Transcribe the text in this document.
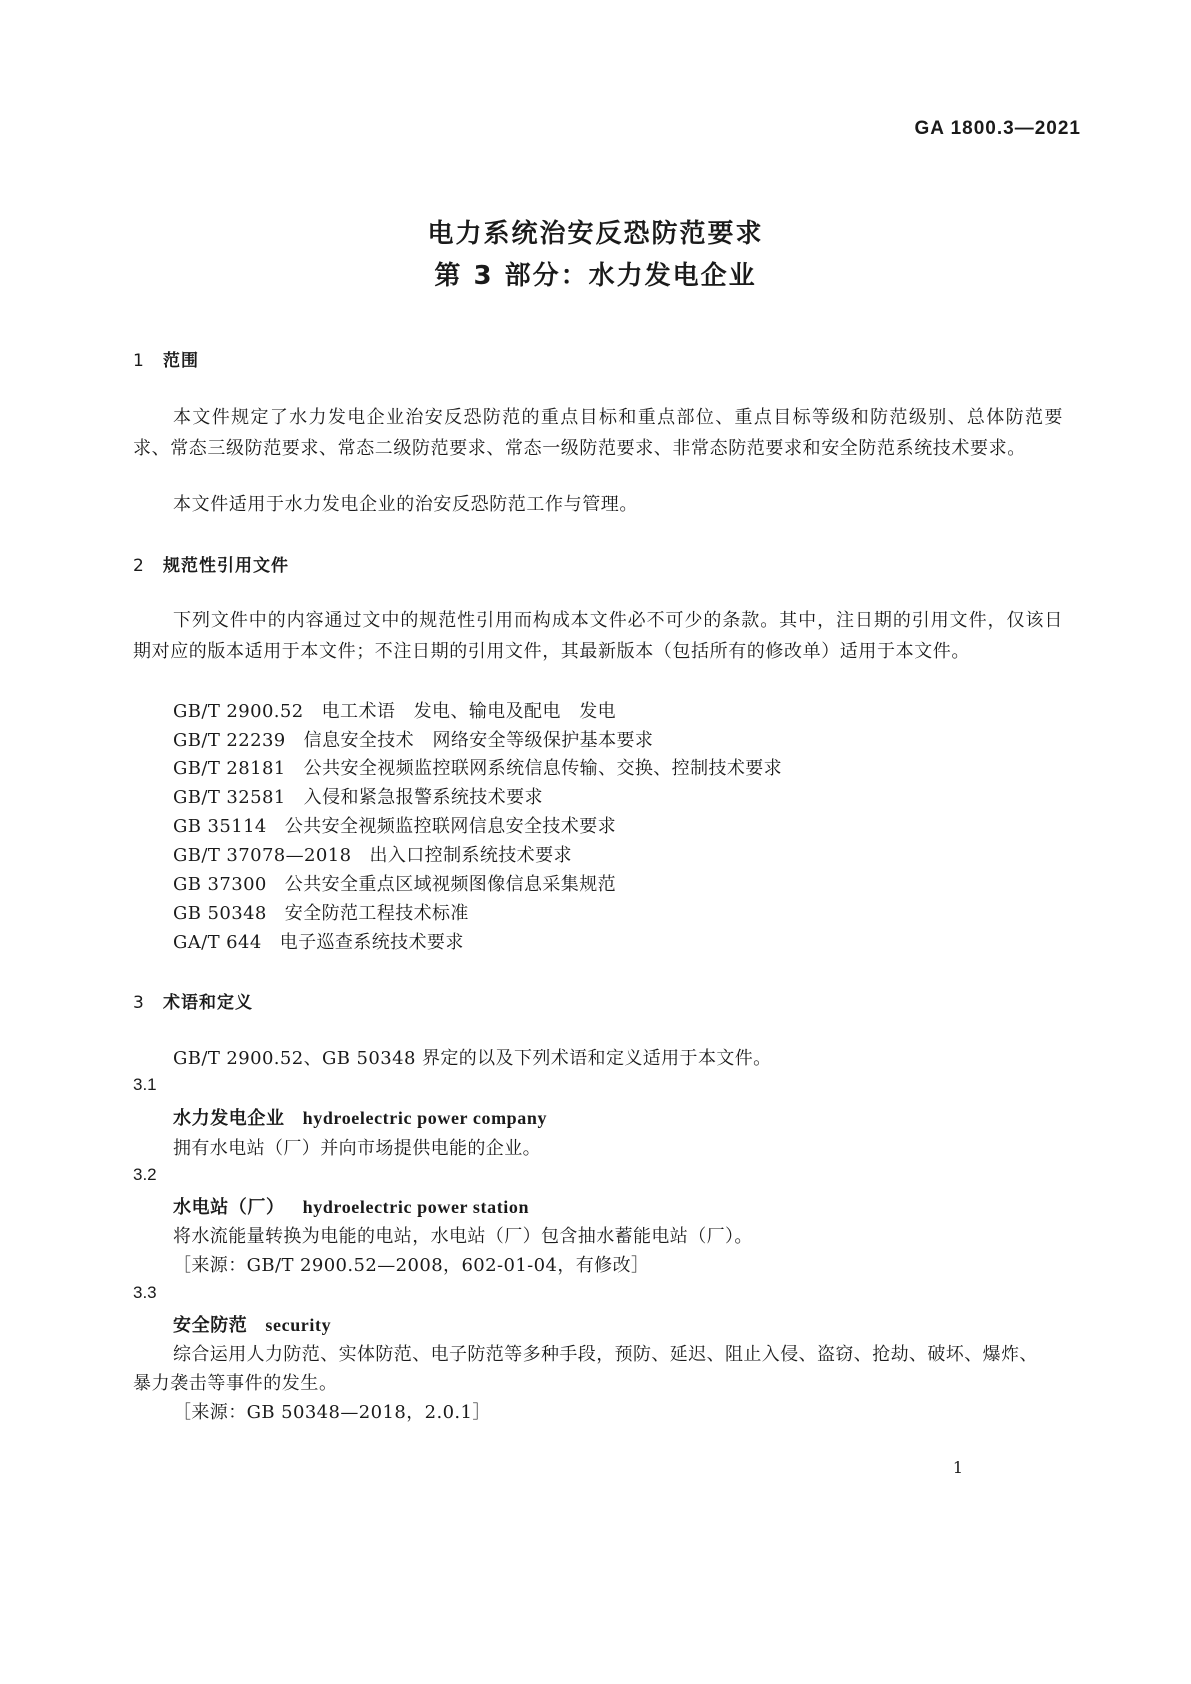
GA 1800.3—2021
电力系统治安反恐防范要求
第 3 部分：水力发电企业
1 范围
本文件规定了水力发电企业治安反恐防范的重点目标和重点部位、重点目标等级和防范级别、总体防范要求、常态三级防范要求、常态二级防范要求、常态一级防范要求、非常态防范要求和安全防范系统技术要求。
本文件适用于水力发电企业的治安反恐防范工作与管理。
2 规范性引用文件
下列文件中的内容通过文中的规范性引用而构成本文件必不可少的条款。其中，注日期的引用文件，仅该日期对应的版本适用于本文件；不注日期的引用文件，其最新版本（包括所有的修改单）适用于本文件。
GB/T 2900.52 电工术语　发电、输电及配电　发电
GB/T 22239 信息安全技术　网络安全等级保护基本要求
GB/T 28181 公共安全视频监控联网系统信息传输、交换、控制技术要求
GB/T 32581 入侵和紧急报警系统技术要求
GB 35114 公共安全视频监控联网信息安全技术要求
GB/T 37078—2018 出入口控制系统技术要求
GB 37300 公共安全重点区域视频图像信息采集规范
GB 50348 安全防范工程技术标准
GA/T 644 电子巡查系统技术要求
3 术语和定义
GB/T 2900.52、GB 50348 界定的以及下列术语和定义适用于本文件。
3.1
水力发电企业 hydroelectric power company
拥有水电站（厂）并向市场提供电能的企业。
3.2
水电站（厂） hydroelectric power station
将水流能量转换为电能的电站，水电站（厂）包含抽水蓄能电站（厂）。
［来源：GB/T 2900.52—2008，602-01-04，有修改］
3.3
安全防范 security
综合运用人力防范、实体防范、电子防范等多种手段，预防、延迟、阻止入侵、盗窃、抢劫、破坏、爆炸、
暴力袭击等事件的发生。
［来源：GB 50348—2018，2.0.1］
1
